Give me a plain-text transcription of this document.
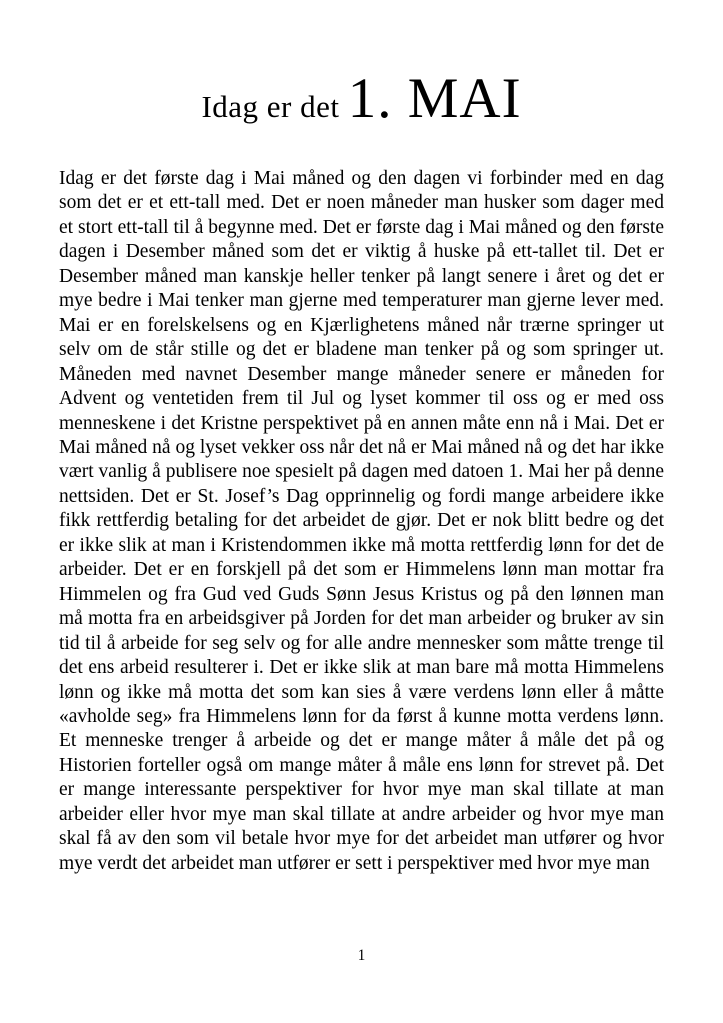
Idag er det 1. MAI

Idag er det første dag i Mai måned og den dagen vi forbinder med en dag som det er et ett-tall med. Det er noen måneder man husker som dager med et stort ett-tall til å begynne med. Det er første dag i Mai måned og den første dagen i Desember måned som det er viktig å huske på ett-tallet til. Det er Desember måned man kanskje heller tenker på langt senere i året og det er mye bedre i Mai tenker man gjerne med temperaturer man gjerne lever med. Mai er en forelskelsens og en Kjærlighetens måned når trærne springer ut selv om de står stille og det er bladene man tenker på og som springer ut. Måneden med navnet Desember mange måneder senere er måneden for Advent og ventetiden frem til Jul og lyset kommer til oss og er med oss menneskene i det Kristne perspektivet på en annen måte enn nå i Mai. Det er Mai måned nå og lyset vekker oss når det nå er Mai måned nå og det har ikke vært vanlig å publisere noe spesielt på dagen med datoen 1. Mai her på denne nettsiden. Det er St. Josef’s Dag opprinnelig og fordi mange arbeidere ikke fikk rettferdig betaling for det arbeidet de gjør. Det er nok blitt bedre og det er ikke slik at man i Kristendommen ikke må motta rettferdig lønn for det de arbeider. Det er en forskjell på det som er Himmelens lønn man mottar fra Himmelen og fra Gud ved Guds Sønn Jesus Kristus og på den lønnen man må motta fra en arbeidsgiver på Jorden for det man arbeider og bruker av sin tid til å arbeide for seg selv og for alle andre mennesker som måtte trenge til det ens arbeid resulterer i. Det er ikke slik at man bare må motta Himmelens lønn og ikke må motta det som kan sies å være verdens lønn eller å måtte «avholde seg» fra Himmelens lønn for da først å kunne motta verdens lønn. Et menneske trenger å arbeide og det er mange måter å måle det på og Historien forteller også om mange måter å måle ens lønn for strevet på. Det er mange interessante perspektiver for hvor mye man skal tillate at man arbeider eller hvor mye man skal tillate at andre arbeider og hvor mye man skal få av den som vil betale hvor mye for det arbeidet man utfører og hvor mye verdt det arbeidet man utfører er sett i perspektiver med hvor mye man

1
